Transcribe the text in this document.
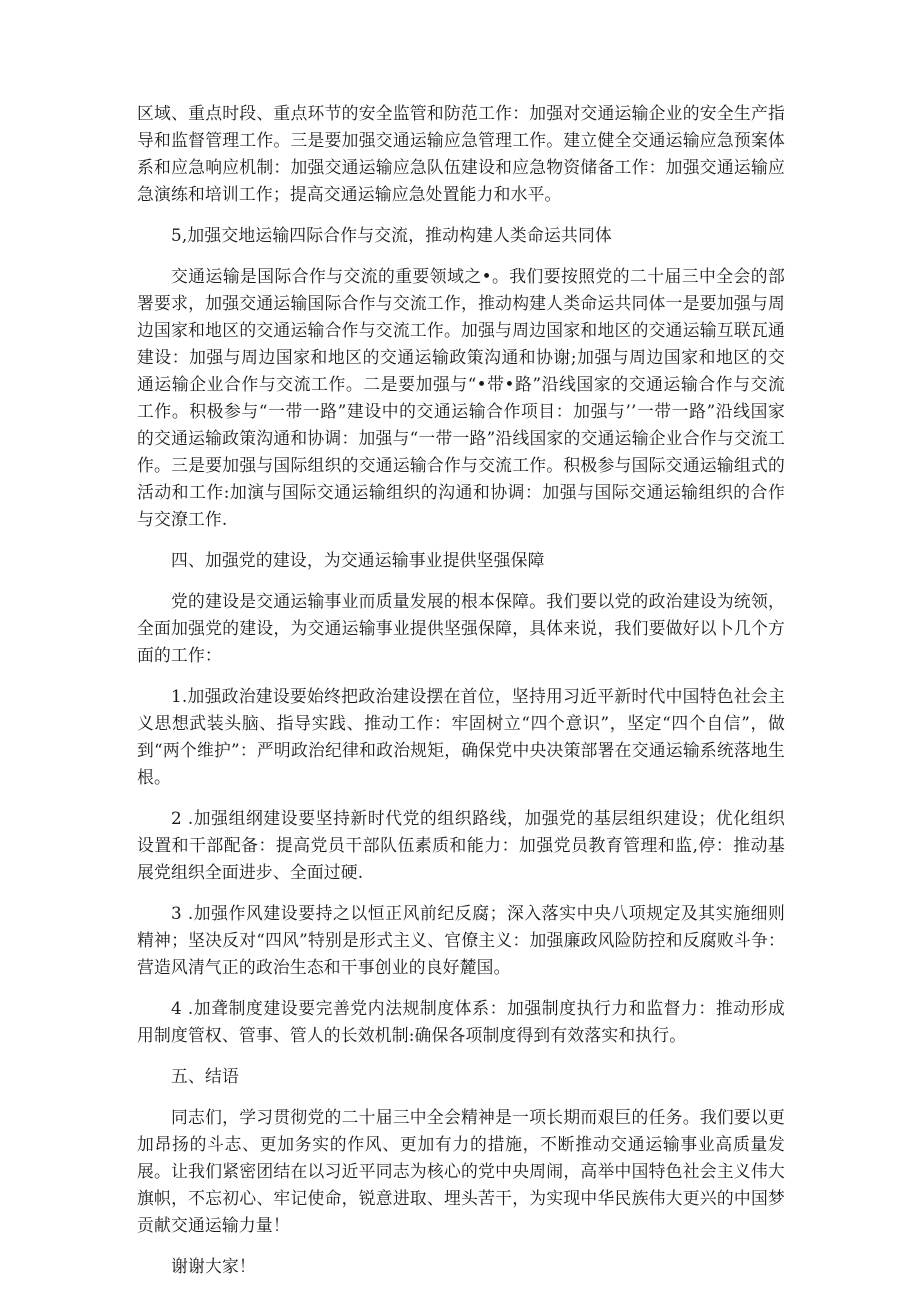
区域、重点时段、重点环节的安全监管和防范工作：加强对交通运输企业的安全生产指导和监督管理工作。三是要加强交通运输应急管理工作。建立健全交通运输应急预案体系和应急响应机制：加强交通运输应急队伍建设和应急物资储备工作：加强交通运输应急演练和培训工作；提高交通运输应急处置能力和水平。

5,加强交地运输四际合作与交流，推动构建人类命运共同体

交通运输是国际合作与交流的重要领域之•。我们要按照党的二十届三中全会的部署要求，加强交通运输国际合作与交流工作，推动构建人类命运共同体一是要加强与周边国家和地区的交通运输合作与交流工作。加强与周边国家和地区的交通运输互联瓦通建设：加强与周边国家和地区的交通运输政策沟通和协谢;加强与周边国家和地区的交通运输企业合作与交流工作。二是要加强与“•带•路”沿线国家的交通运输合作与交流工作。积极参与“一带一路”建设中的交通运输合作项目：加强与’’一带一路”沿线国家的交通运输政策沟通和协调：加强与“一带一路”沿线国家的交通运输企业合作与交流工作。三是要加强与国际组织的交通运输合作与交流工作。积极参与国际交通运输组式的活动和工作:加演与国际交通运输组织的沟通和协调：加强与国际交通运输组织的合作与交潦工作.

四、加强党的建设，为交通运输事业提供坚强保障

党的建设是交通运输事业而质量发展的根本保障。我们要以党的政治建设为统领，全面加强党的建设，为交通运输事业提供坚强保障，具体来说，我们要做好以卜几个方面的工作：

1.加强政治建设要始终把政治建设摆在首位，坚持用习近平新时代中国特色社会主义思想武装头脑、指导实践、推动工作：牢固树立“四个意识”，坚定“四个自信”，做到“两个维护”：严明政治纪律和政治规矩，确保党中央决策部署在交通运输系统落地生根。

2 .加强组纲建设要坚持新时代党的组织路线，加强党的基层组织建设；优化组织设置和干部配备：提高党员干部队伍素质和能力：加强党员教育管理和监,停：推动基展党组织全面进步、全面过硬.

3 .加强作风建设要持之以恒正风前纪反腐；深入落实中央八项规定及其实施细则精神；坚决反对“四风”特别是形式主义、官僚主义：加强廉政风险防控和反腐败斗争：营造风清气正的政治生态和干事创业的良好麓国。

4 .加聋制度建设要完善党内法规制度体系：加强制度执行力和监督力：推动形成用制度管权、管事、管人的长效机制:确保各项制度得到有效落实和执行。

五、结语

同志们，学习贯彻党的二十届三中全会精神是一项长期而艰巨的任务。我们要以更加昂扬的斗志、更加务实的作风、更加有力的措施，不断推动交通运输事业高质量发展。让我们紧密团结在以习近平同志为核心的党中央周闹，高举中国特色社会主义伟大旗帜，不忘初心、牢记使命，锐意进取、埋头苦干，为实现中华民族伟大更兴的中国梦贡献交通运输力量！

谢谢大家！
